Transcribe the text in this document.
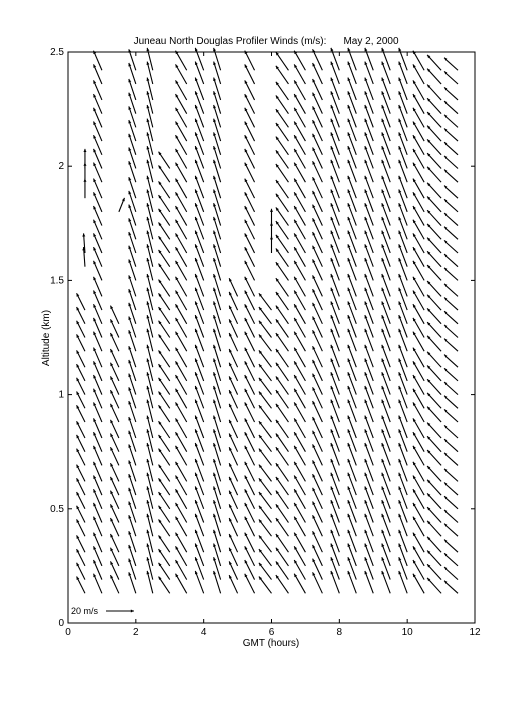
Juneau North Douglas Profiler Winds (m/s): May 2, 2000
0	2	4	6	8	10	12
0
0.5
1
1.5
2
2.5
GMT (hours)
Altitude (km)
20 m/s
